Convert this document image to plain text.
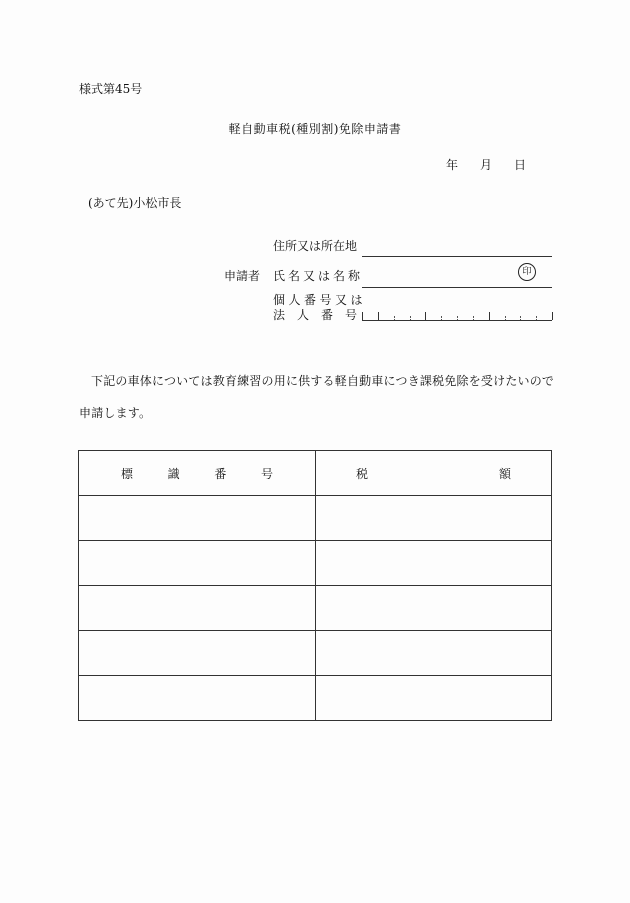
様式第45号
軽自動車税(種別割)免除申請書
年 月 日
(あて先)小松市長
住所又は所在地
申請者 氏名又は名称	印
個人番号又は
法 人 番 号
下記の車体については教育練習の用に供する軽自動車につき課税免除を受けたいので申請します。
標 識 番 号	税 額
